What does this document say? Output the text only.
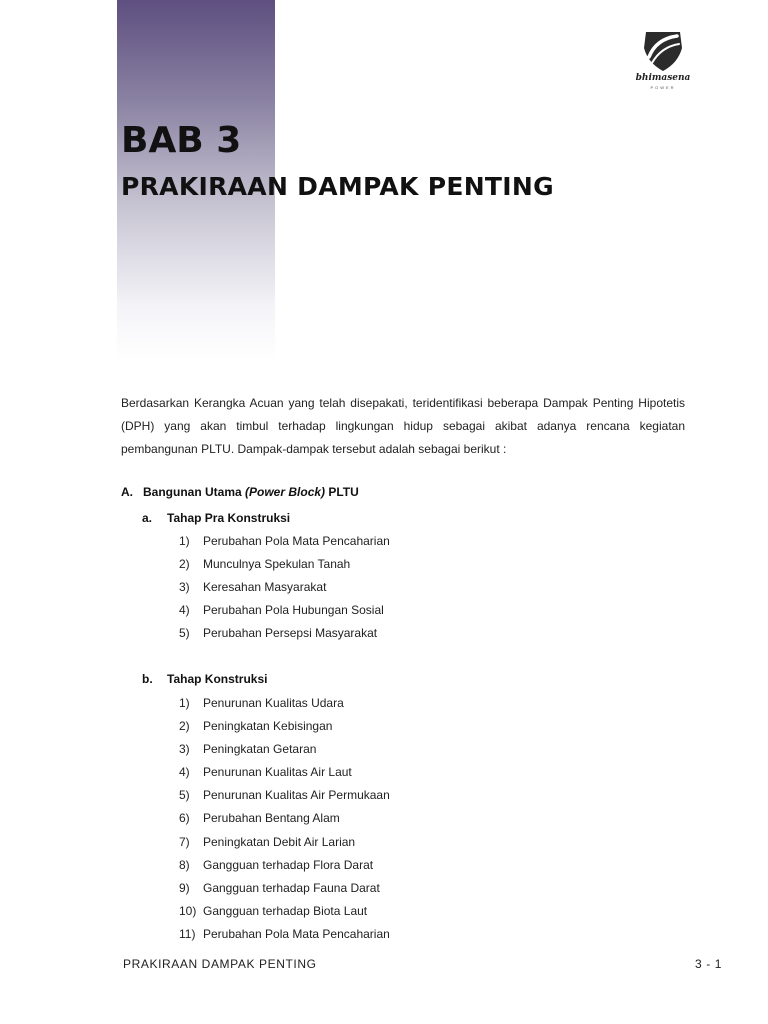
bhimasena
POWER
BAB 3
PRAKIRAAN DAMPAK PENTING

Berdasarkan Kerangka Acuan yang telah disepakati, teridentifikasi beberapa Dampak Penting Hipotetis (DPH) yang akan timbul terhadap lingkungan hidup sebagai akibat adanya rencana kegiatan pembangunan PLTU. Dampak-dampak tersebut adalah sebagai berikut :

A. Bangunan Utama (Power Block) PLTU

a. Tahap Pra Konstruksi

1) Perubahan Pola Mata Pencaharian
2) Munculnya Spekulan Tanah
3) Keresahan Masyarakat
4) Perubahan Pola Hubungan Sosial
5) Perubahan Persepsi Masyarakat

b. Tahap Konstruksi

1) Penurunan Kualitas Udara
2) Peningkatan Kebisingan
3) Peningkatan Getaran
4) Penurunan Kualitas Air Laut
5) Penurunan Kualitas Air Permukaan
6) Perubahan Bentang Alam
7) Peningkatan Debit Air Larian
8) Gangguan terhadap Flora Darat
9) Gangguan terhadap Fauna Darat
10) Gangguan terhadap Biota Laut
11) Perubahan Pola Mata Pencaharian

PRAKIRAAN DAMPAK PENTING	3 - 1
